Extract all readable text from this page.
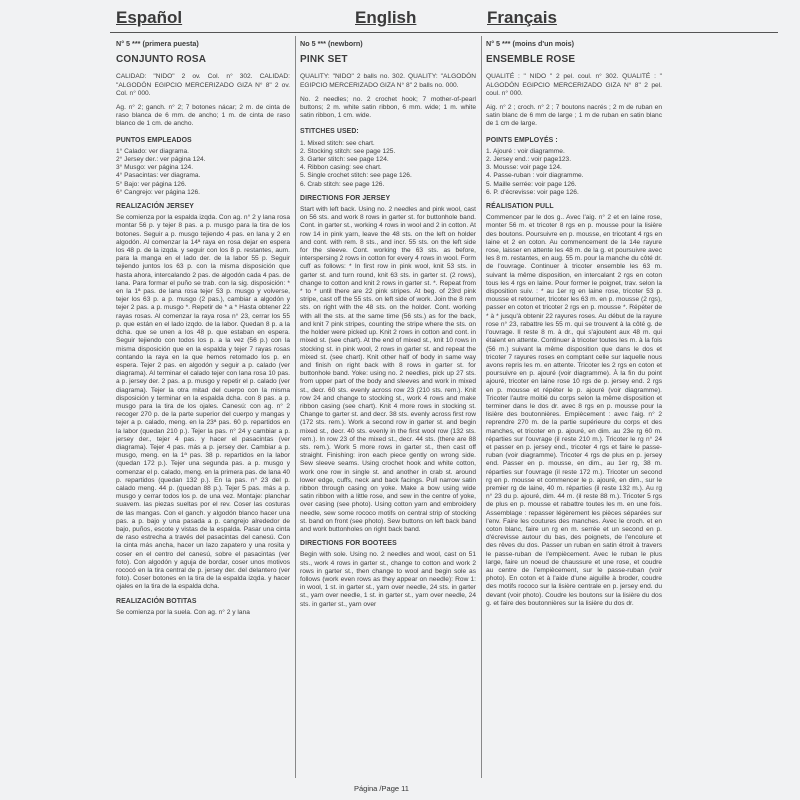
Español	English	Français
N° 5 *** (primera puesta)
CONJUNTO ROSA

CALIDAD: "NIDO" 2 ov. Col. n° 302. CALIDAD: "ALGODÓN EGIPCIO MERCERIZADO GIZA N° 8" 2 ov. Col. n° 000.

Ag. n° 2; ganch. n° 2; 7 botones nácar; 2 m. de cinta de raso blanca de 6 mm. de ancho; 1 m. de cinta de raso blanco de 1 cm. de ancho.

PUNTOS EMPLEADOS
1° Calado: ver diagrama.
2° Jersey der.: ver página 124.
3° Musgo: ver página 124.
4° Pasacintas: ver diagrama.
5° Bajo: ver página 126.
6° Cangrejo: ver página 126.
REALIZACIÓN JERSEY

Se comienza por la espalda izqda. Con ag. n° 2 y lana rosa montar 56 p. y tejer 8 pas. a p. musgo para la tira de los botones. Seguir a p. musgo tejiendo 4 pas. en lana y 2 en algodón. Al comenzar la 14ª raya en rosa dejar en espera los 48 p. de la izqda. y seguir con los 8 p. restantes, aum. para la manga en el lado der. de la labor 55 p. Seguir tejiendo juntos los 63 p. con la misma disposición que hasta ahora, intercalando 2 pas. de algodón cada 4 pas. de lana. Para formar el puño se trab. con la sig. disposición: * en la 1ª pas. de lana rosa tejer 53 p. musgo y volverse, tejer los 63 p. a p. musgo (2 pas.), cambiar a algodón y tejer 2 pas. a p. musgo *. Repetir de * a * Hasta obtener 22 rayas rosas. Al comenzar la raya rosa n° 23, cerrar los 55 p. que están en el lado izqdo. de la labor. Quedan 8 p. a la dcha. que se unen a los 48 p. que estaban en espera. Seguir tejiendo con todos los p. a la vez (56 p.) con la misma disposición que en la espalda y tejer 7 rayas rosas contando la raya en la que hemos retomado los p. en espera. Tejer 2 pas. en algodón y seguir a p. calado (ver diagrama). Al terminar el calado tejer con lana rosa 10 pas. a p. jersey der. 2 pas. a p. musgo y repetir el p. calado (ver diagrama). Tejer la otra mitad del cuerpo con la misma disposición y terminar en la espalda dcha. con 8 pas. a p. musgo para la tira de los ojales. Canesú: con ag. n° 2 recoger 270 p. de la parte superior del cuerpo y mangas y tejer a p. calado, meng. en la 23ª pas. 60 p. repartidos en la labor (quedan 210 p.). Tejer la pas. n° 24 y cambiar a p. jersey der., tejer 4 pas. y hacer el pasacintas (ver diagrama). Tejer 4 pas. más a p. jersey der. Cambiar a p. musgo, meng. en la 1ª pas. 38 p. repartidos en la labor (quedan 172 p.). Tejer una segunda pas. a p. musgo y comenzar el p. calado, meng. en la primera pas. de lana 40 p. repartidos (quedan 132 p.). En la pas. n° 23 del p. calado meng. 44 p. (quedan 88 p.). Tejer 5 pas. más a p. musgo y cerrar todos los p. de una vez. Montaje: planchar suavem. las piezas sueltas por el rev. Coser las costuras de las mangas. Con el ganch. y algodón blanco hacer una pas. a p. bajo y una pasada a p. cangrejo alrededor de bajo, puños, escote y vistas de la espalda. Pasar una cinta de raso estrecha a través del pasacintas del canesú. Con la cinta más ancha, hacer un lazo zapatero y una rosita y coser en el centro del canesú, sobre el pasacintas (ver foto). Con algodón y aguja de bordar, coser unos motivos rococó en la tira central de p. jersey der. del delantero (ver foto). Coser botones en la tira de la espalda izqda. y hacer ojales en la tira de la espalda dcha.

REALIZACIÓN BOTITAS

Se comienza por la suela. Con ag. n° 2 y lana

No 5 *** (newborn)
PINK SET

QUALITY: "NIDO" 2 balls no. 302. QUALITY: "ALGODÓN EGIPCIO MERCERIZADO GIZA N° 8" 2 balls no. 000.

No. 2 needles; no. 2 crochet hook; 7 mother-of-pearl buttons; 2 m. white satin ribbon, 6 mm. wide; 1 m. white satin ribbon, 1 cm. wide.

STITCHES USED:
1. Mixed stitch: see chart.
2. Stocking stitch: see page 125.
3. Garter stitch: see page 124.
4. Ribbon casing: see chart.
5. Single crochet stitch: see page 126.
6. Crab stitch: see page 126.
DIRECTIONS FOR JERSEY

Start with left back. Using no. 2 needles and pink wool, cast on 56 sts. and work 8 rows in garter st. for buttonhole band. Cont. in garter st., working 4 rows in wool and 2 in cotton. At row 14 in pink yarn, leave the 48 sts. on the left on holder and cont. with rem. 8 sts., and incr. 55 sts. on the left side for the sleeve. Cont. working the 63 sts. as before, interspersing 2 rows in cotton for every 4 rows in wool. Form cuff as follows: * In first row in pink wool, knit 53 sts. in garter st. and turn round, knit 63 sts. in garter st. (2 rows), change to cotton and knit 2 rows in garter st. *. Repeat from * to * until there are 22 pink stripes. At beg. of 23rd pink stripe, cast off the 55 sts. on left side of work. Join the 8 rem sts. on right with the 48 sts. on the holder. Cont. working with all the sts. at the same time (56 sts.) as for the back, and knit 7 pink stripes, counting the stripe where the sts. on the holder were picked up. Knit 2 rows in cotton and cont. in mixed st. (see chart). At the end of mixed st., knit 10 rows in stocking st. in pink wool, 2 rows in garter st. and repeat the mixed st. (see chart). Knit other half of body in same way and finish on right back with 8 rows in garter st. for buttonhole band. Yoke: using no. 2 needles, pick up 27 sts. from upper part of the body and sleeves and work in mixed st., decr. 60 sts. evenly across row 23 (210 sts. rem.). Knit row 24 and change to stocking st., work 4 rows and make ribbon casing (see chart). Knit 4 more rows in stocking st. Change to garter st. and decr. 38 sts. evenly across first row (172 sts. rem.). Work a second row in garter st. and begin mixed st., decr. 40 sts. evenly in the first wool row (132 sts. rem.). In row 23 of the mixed st., decr. 44 sts. (there are 88 sts. rem.). Work 5 more rows in garter st., then cast off straight. Finishing: iron each piece gently on wrong side. Sew sleeve seams. Using crochet hook and white cotton, work one row in single st. and another in crab st. around lower edge, cuffs, neck and back facings. Pull narrow satin ribbon through casing on yoke. Make a bow using wide satin ribbon with a little rose, and sew in the centre of yoke, over casing (see photo). Using cotton yarn and embroidery needle, sew some rococo motifs on central strip of stocking st. band on front (see photo). Sew buttons on left back band and work buttonholes on right back band.

DIRECTIONS FOR BOOTEES

Begin with sole. Using no. 2 needles and wool, cast on 51 sts., work 4 rows in garter st., change to cotton and work 2 rows in garter st., then change to wool and begin sole as follows (work even rows as they appear on needle): Row 1: in wool, 1 st. in garter st., yarn over needle, 24 sts. in garter st., yarn over needle, 1 st. in garter st., yarn over needle, 24 sts. in garter st., yarn over

N° 5 *** (moins d'un mois)
ENSEMBLE ROSE

QUALITÉ : " NIDO " 2 pel. coul. n° 302. QUALITÉ : " ALGODÓN EGIPCIO MERCERIZADO GIZA N° 8" 2 pel. coul. n° 000.

Aig. n° 2 ; croch. n° 2 ; 7 boutons nacrés ; 2 m de ruban en satin blanc de 6 mm de large ; 1 m de ruban en satin blanc de 1 cm de large.

POINTS EMPLOYÉS :
1. Ajouré : voir diagramme.
2. Jersey end.: voir page123.
3. Mousse: voir page 124.
4. Passe-ruban : voir diagramme.
5. Maille serrée: voir page 126.
6. P. d'écrevisse: voir page 126.
RÉALISATION PULL

Commencer par le dos g.. Avec l'aig. n° 2 et en laine rose, monter 56 m. et tricoter 8 rgs en p. mousse pour la lisière des boutons. Poursuivre en p. mousse, en tricotant 4 rgs en laine et 2 en coton. Au commencement de la 14e rayure rose, laisser en attente les 48 m. de la g. et poursuivre avec les 8 m. restantes, en aug. 55 m. pour la manche du côté dr. de l'ouvrage. Continuer à tricoter ensemble les 63 m. suivant la même disposition, en intercalant 2 rgs en coton tous les 4 rgs en laine. Pour former le poignet, trav. selon la disposition suiv. : * au 1er rg en laine rose, tricoter 53 p. mousse et retourner, tricoter les 63 m. en p. mousse (2 rgs), passer en coton et tricoter 2 rgs en p. mousse *. Répéter de * à * jusqu'à obtenir 22 rayures roses. Au début de la rayure rose n° 23, rabattre les 55 m. qui se trouvent à la côté g. de l'ouvrage. Il reste 8 m. à dr., qui s'ajoutent aux 48 m. qui étaient en attente. Continuer à tricoter toutes les m. à la fois (56 m.) suivant la même disposition que dans le dos et tricoter 7 rayures roses en comptant celle sur laquelle nous avons repris les m. en attente. Tricoter les 2 rgs en coton et poursuivre en p. ajouré (voir diagramme). À la fin du point ajouré, tricoter en laine rose 10 rgs de p. jersey end. 2 rgs en p. mousse et répéter le p. ajouré (voir diagramme). Tricoter l'autre moitié du corps selon la même disposition et terminer dans le dos dr. avec 8 rgs en p. mousse pour la lisière des boutonnières. Empiècement : avec l'aig. n° 2 reprendre 270 m. de la partie supérieure du corps et des manches, et tricoter en p. ajouré, en dim. au 23e rg 60 m. réparties sur l'ouvrage (il reste 210 m.). Tricoter le rg n° 24 et passer en p. jersey end., tricoter 4 rgs et faire le passe-ruban (voir diagramme). Tricoter 4 rgs de plus en p. jersey end. Passer en p. mousse, en dim., au 1er rg, 38 m. réparties sur l'ouvrage (il reste 172 m.). Tricoter un second rg en p. mousse et commencer le p. ajouré, en dim., sur le premier rg de laine, 40 m. réparties (il reste 132 m.). Au rg n° 23 du p. ajouré, dim. 44 m. (il reste 88 m.). Tricoter 5 rgs de plus en p. mousse et rabattre toutes les m. en une fois. Assemblage : repasser légèrement les pièces séparées sur l'env. Faire les coutures des manches. Avec le croch. et en coton blanc, faire un rg en m. serrée et un second en p. d'écrevisse autour du bas, des poignets, de l'encolure et des rêves du dos. Passer un ruban en satin étroit à travers le passe-ruban de l'empiècement. Avec le ruban le plus large, faire un noeud de chaussure et une rose, et coudre au centre de l'empiècement, sur le passe-ruban (voir photo). En coton et à l'aide d'une aiguille à broder, coudre des motifs rococo sur la lisière centrale en p. jersey end. du devant (voir photo). Coudre les boutons sur la lisière du dos g. et faire des boutonnières sur la lisière du dos dr.

Página /Page 11
